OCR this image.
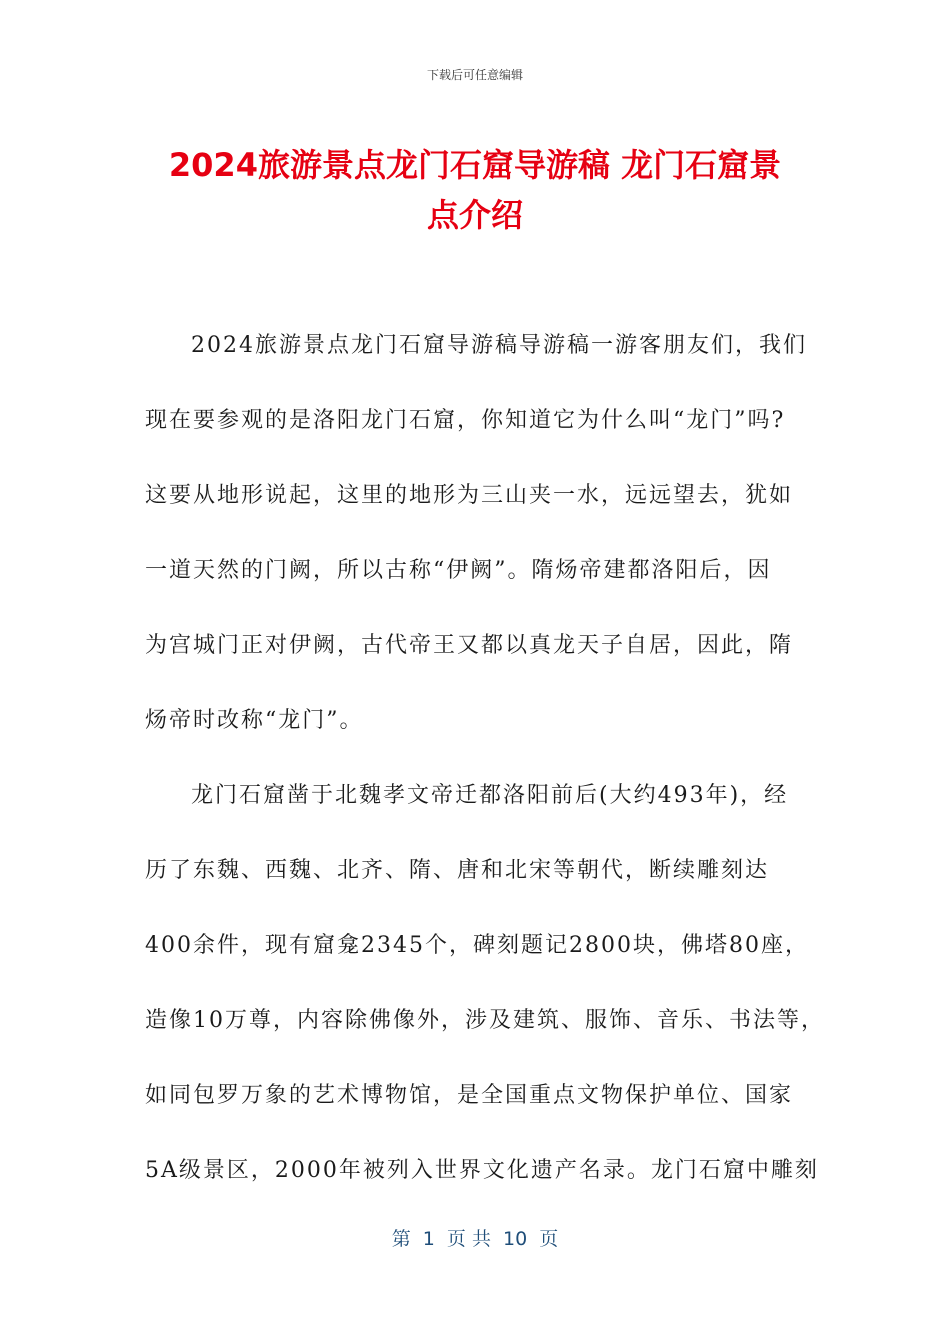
下载后可任意编辑
2024旅游景点龙门石窟导游稿 龙门石窟景
点介绍
2024旅游景点龙门石窟导游稿导游稿一游客朋友们，我们
现在要参观的是洛阳龙门石窟，你知道它为什么叫“龙门”吗?
这要从地形说起，这里的地形为三山夹一水，远远望去，犹如
一道天然的门阙，所以古称“伊阙”。隋炀帝建都洛阳后，因
为宫城门正对伊阙，古代帝王又都以真龙天子自居，因此，隋
炀帝时改称“龙门”。
龙门石窟凿于北魏孝文帝迁都洛阳前后(大约493年)，经
历了东魏、西魏、北齐、隋、唐和北宋等朝代，断续雕刻达
400余件，现有窟龛2345个，碑刻题记2800块，佛塔80座，
造像10万尊，内容除佛像外，涉及建筑、服饰、音乐、书法等，
如同包罗万象的艺术博物馆，是全国重点文物保护单位、国家
5A级景区，2000年被列入世界文化遗产名录。龙门石窟中雕刻
第  1  页 共  10  页
